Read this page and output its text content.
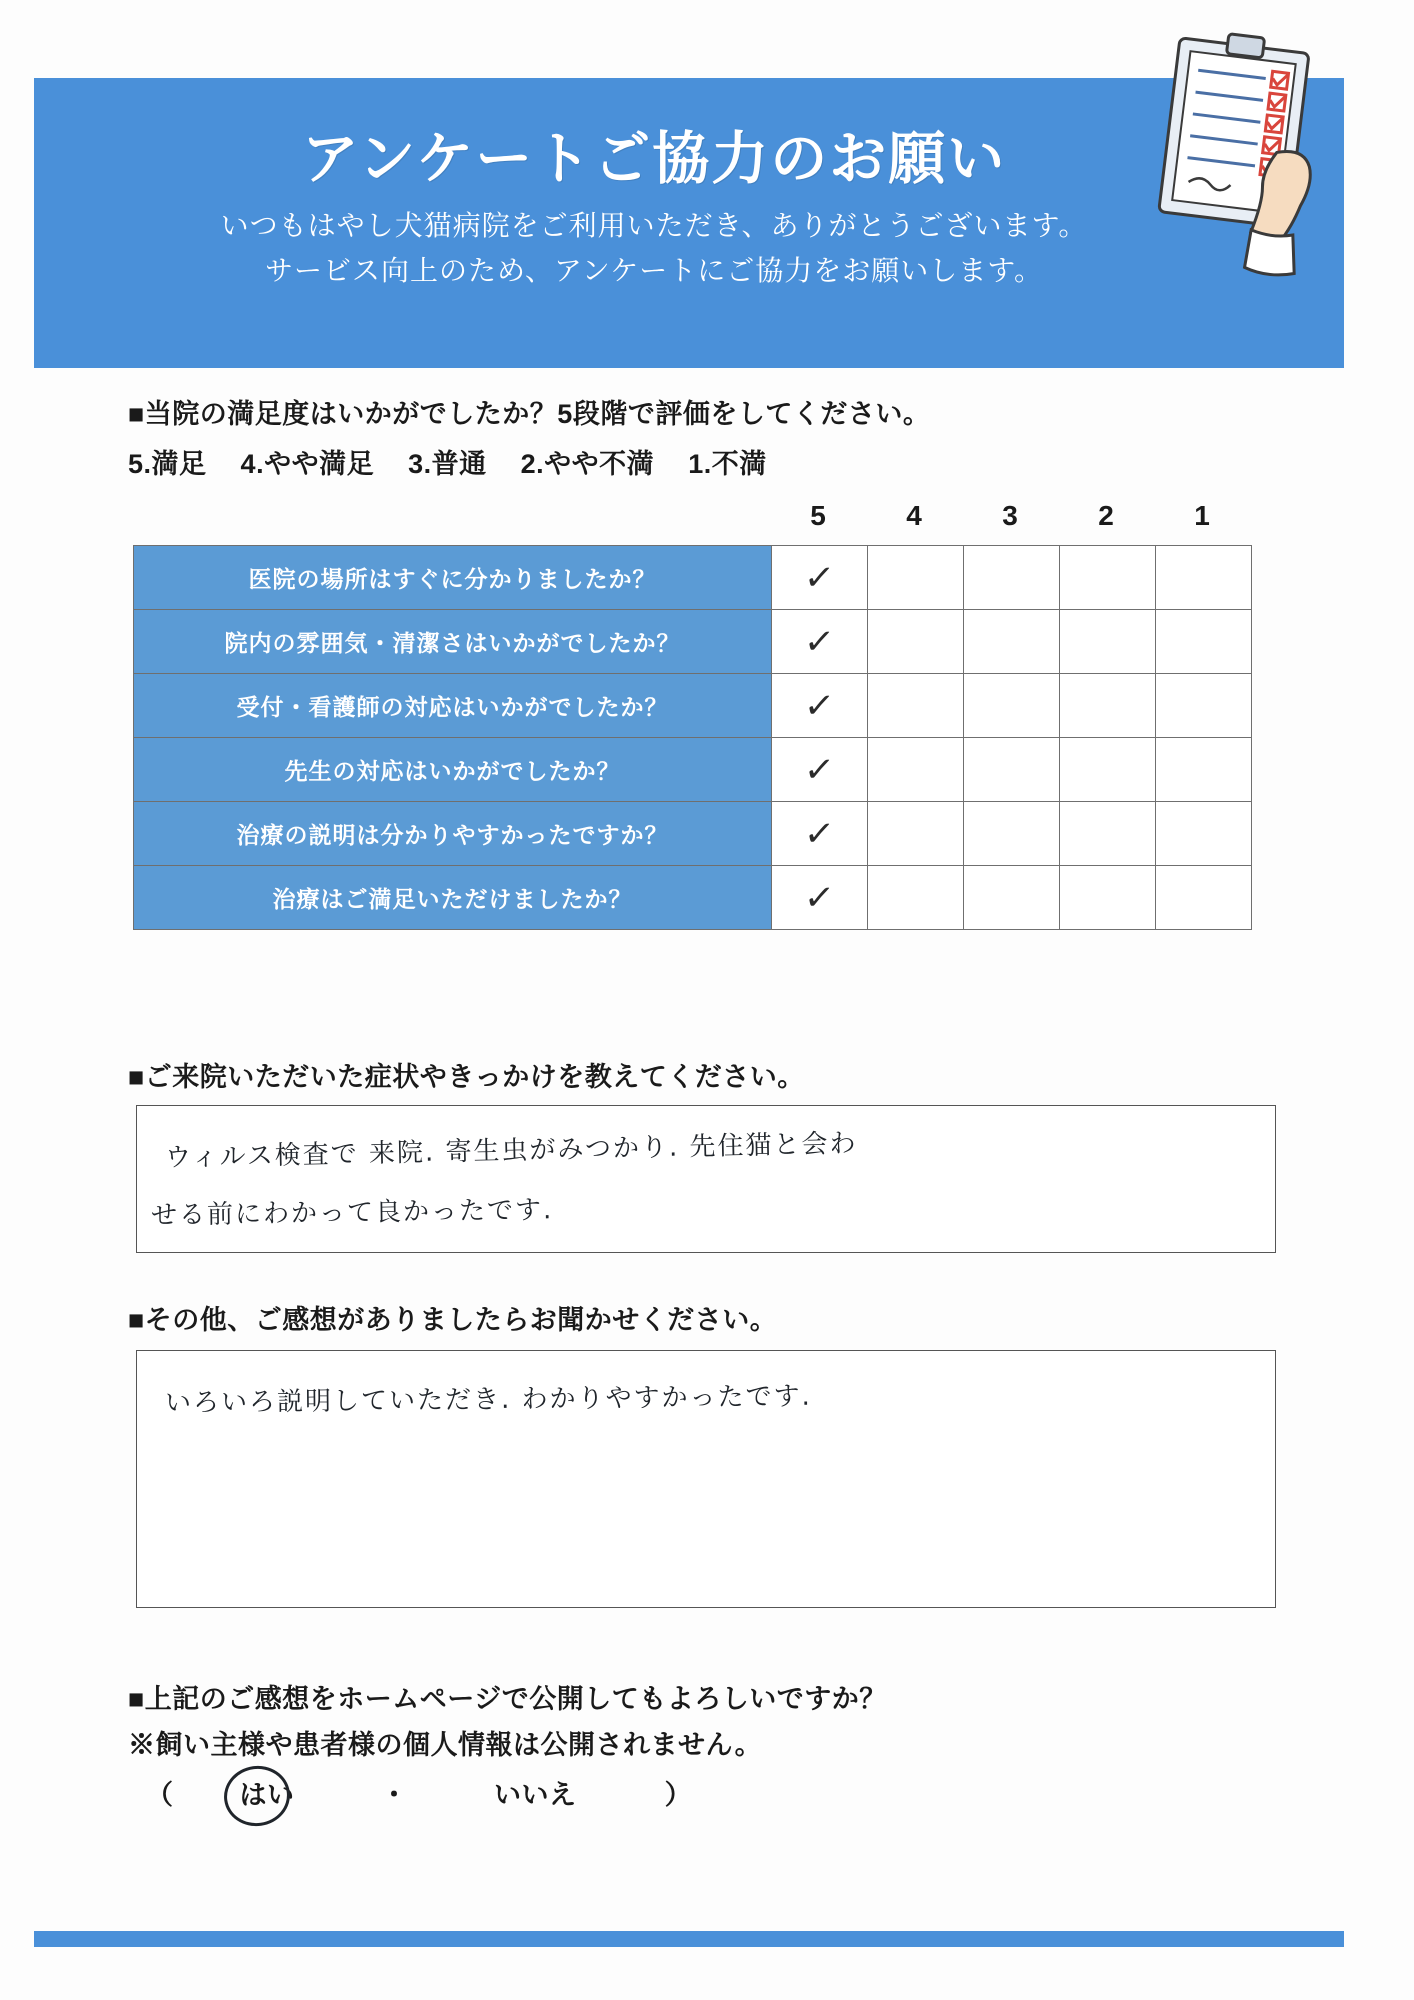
アンケートご協力のお願い
いつもはやし犬猫病院をご利用いただき、ありがとうございます。
サービス向上のため、アンケートにご協力をお願いします。
■当院の満足度はいかがでしたか？5段階で評価をしてください。
5.満足 4.やや満足 3.普通 2.やや不満 1.不満
5	4	3	2	1
医院の場所はすぐに分かりましたか？	✓				
院内の雰囲気・清潔さはいかがでしたか？	✓				
受付・看護師の対応はいかがでしたか？	✓				
先生の対応はいかがでしたか？	✓				
治療の説明は分かりやすかったですか？	✓				
治療はご満足いただけましたか？	✓				
■ご来院いただいた症状やきっかけを教えてください。
ウィルス検査で 来院. 寄生虫がみつかり. 先住猫と会わ
せる前にわかって良かったです.
■その他、ご感想がありましたらお聞かせください。
いろいろ説明していただき. わかりやすかったです.
■上記のご感想をホームページで公開してもよろしいですか？
※飼い主様や患者様の個人情報は公開されません。
（ はい	・	いいえ	）
